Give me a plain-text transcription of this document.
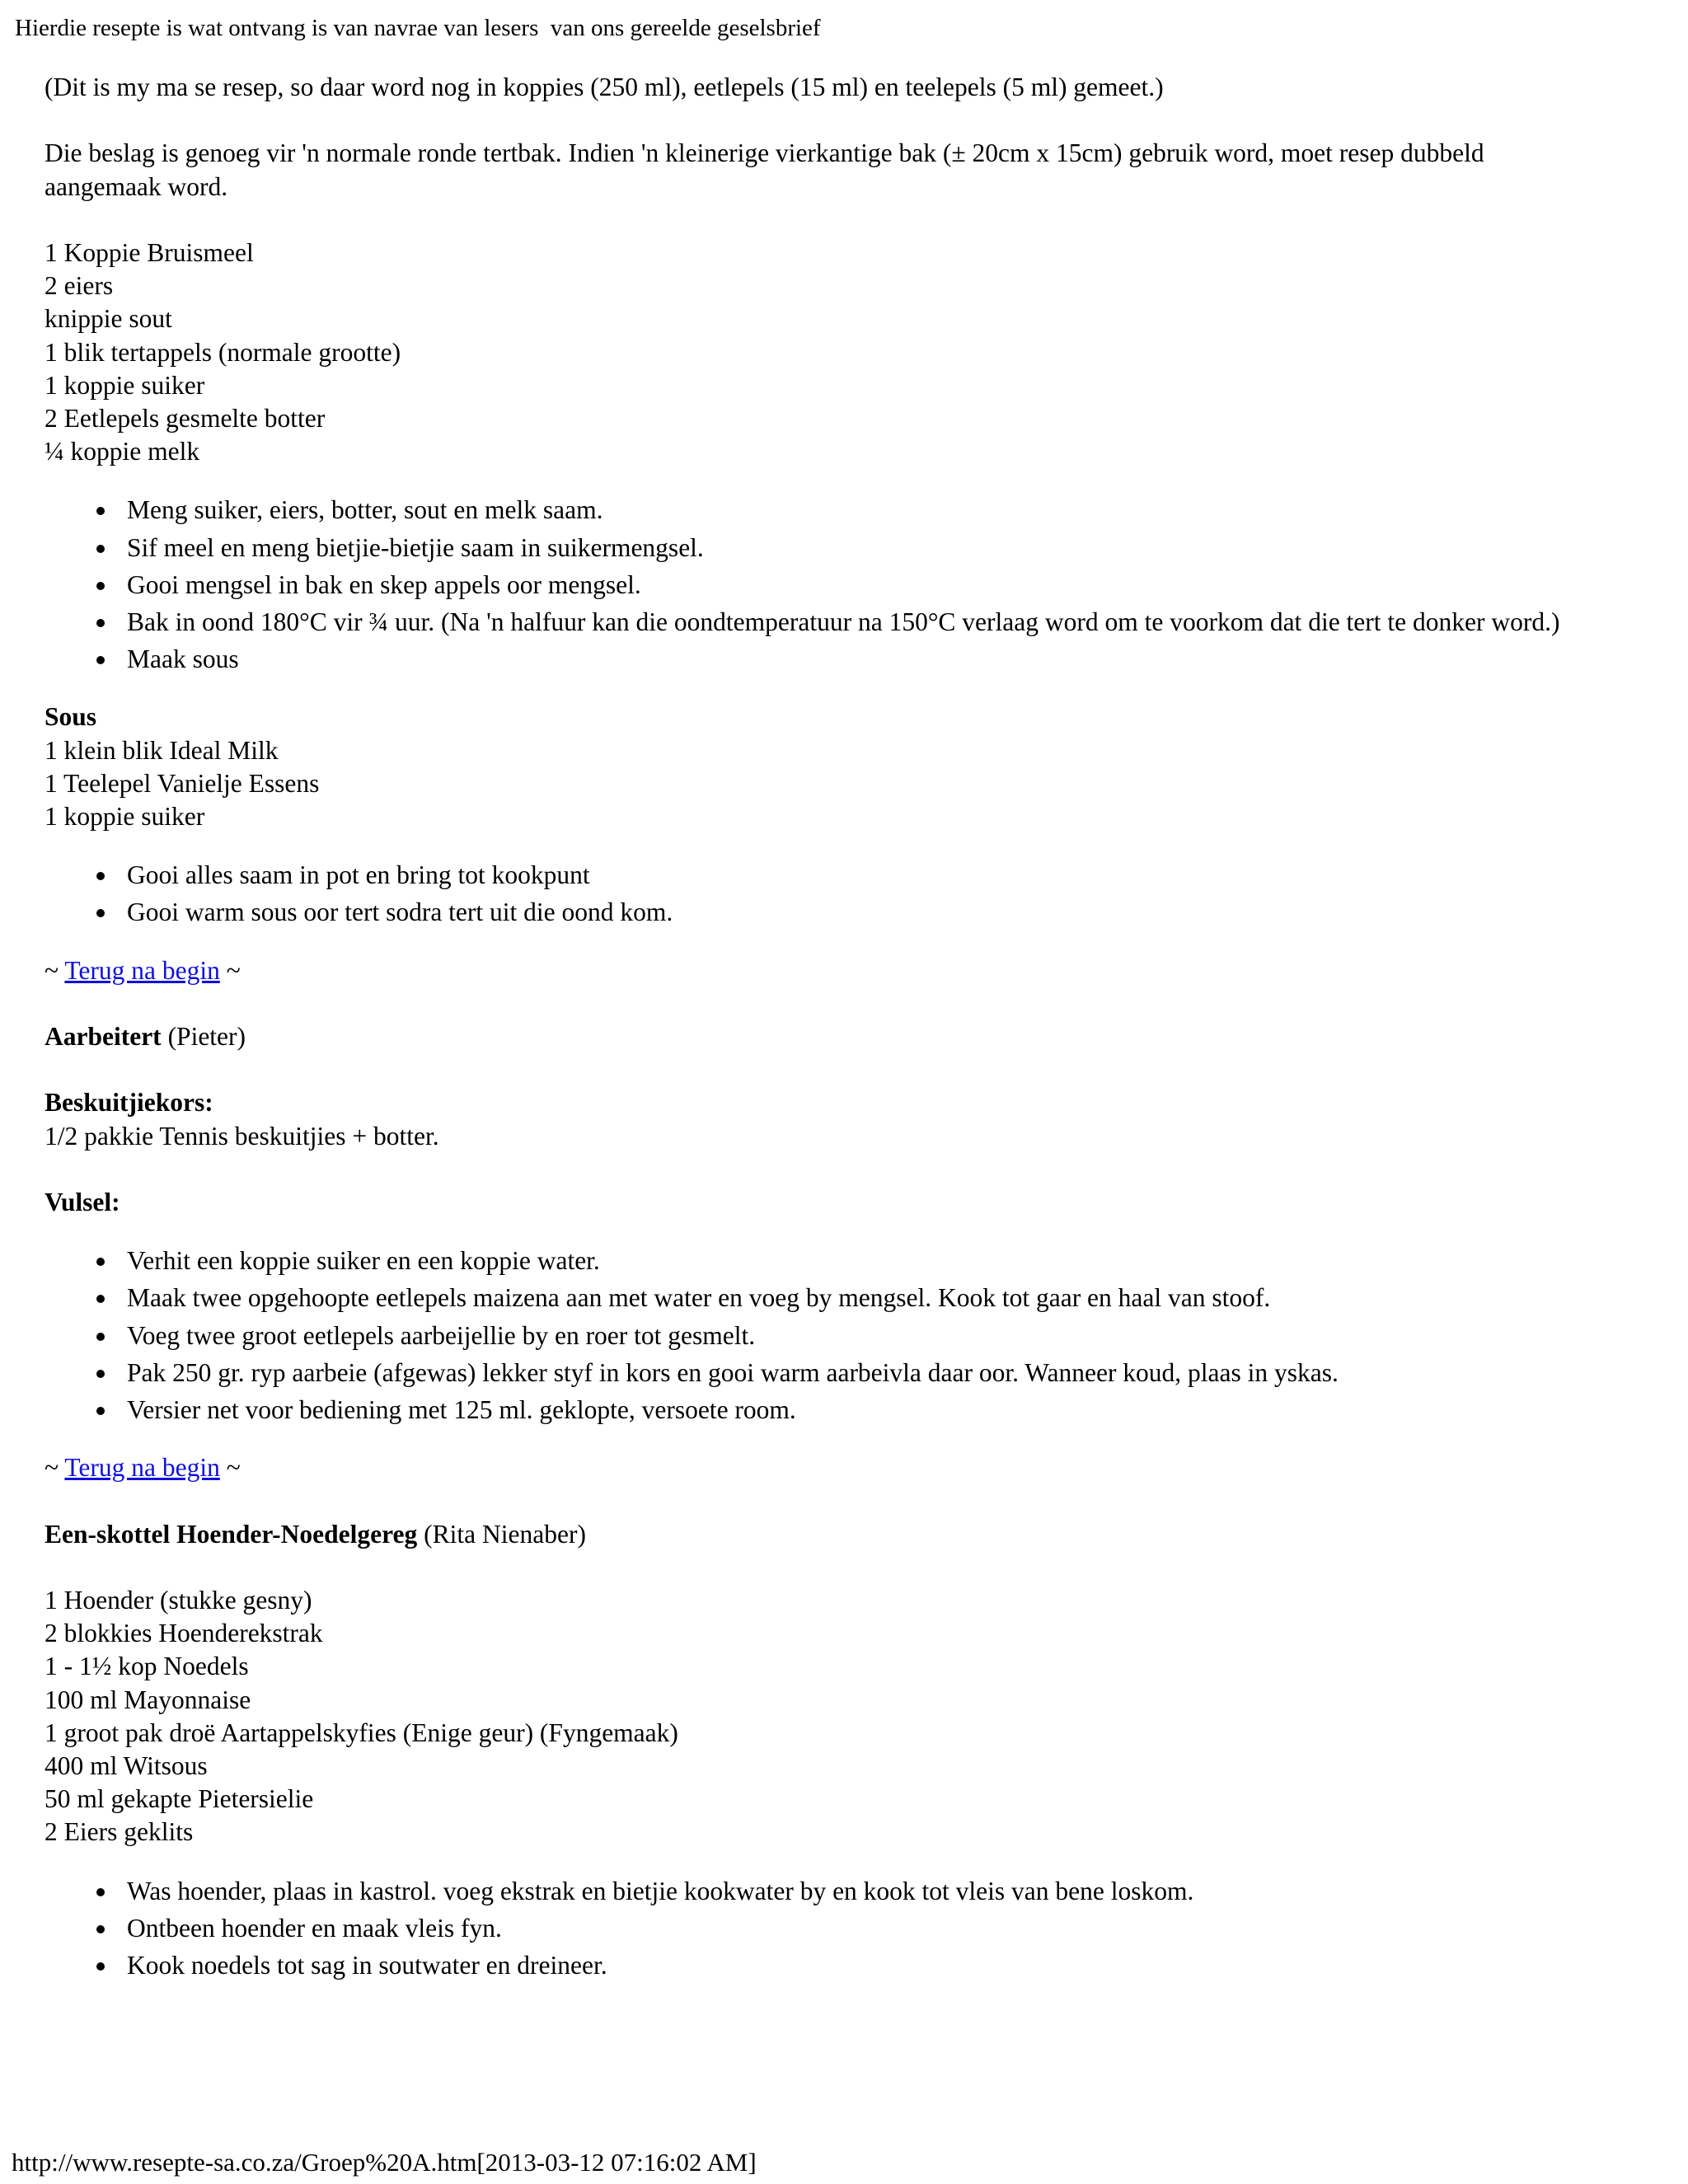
Hierdie resepte is wat ontvang is van navrae van lesers  van ons gereelde geselsbrief
(Dit is my ma se resep, so daar word nog in koppies (250 ml), eetlepels (15 ml) en teelepels (5 ml) gemeet.)
Die beslag is genoeg vir 'n normale ronde tertbak. Indien 'n kleinerige vierkantige bak (± 20cm x 15cm) gebruik word, moet resep dubbeld
aangemaak word.
1 Koppie Bruismeel
2 eiers
knippie sout
1 blik tertappels (normale grootte)
1 koppie suiker
2 Eetlepels gesmelte botter
¼ koppie melk
Meng suiker, eiers, botter, sout en melk saam.
Sif meel en meng bietjie-bietjie saam in suikermengsel.
Gooi mengsel in bak en skep appels oor mengsel.
Bak in oond 180°C vir ¾ uur. (Na 'n halfuur kan die oondtemperatuur na 150°C verlaag word om te voorkom dat die tert te donker word.)
Maak sous
Sous
1 klein blik Ideal Milk
1 Teelepel Vanielje Essens
1 koppie suiker
Gooi alles saam in pot en bring tot kookpunt
Gooi warm sous oor tert sodra tert uit die oond kom.
~ Terug na begin ~
Aarbeitert (Pieter)
Beskuitjiekors:
1/2 pakkie Tennis beskuitjies + botter.
Vulsel:
Verhit een koppie suiker en een koppie water.
Maak twee opgehoopte eetlepels maizena aan met water en voeg by mengsel. Kook tot gaar en haal van stoof.
Voeg twee groot eetlepels aarbeijellie by en roer tot gesmelt.
Pak 250 gr. ryp aarbeie (afgewas) lekker styf in kors en gooi warm aarbeivla daar oor. Wanneer koud, plaas in yskas.
Versier net voor bediening met 125 ml. geklopte, versoete room.
~ Terug na begin ~
Een-skottel Hoender-Noedelgereg (Rita Nienaber)
1 Hoender (stukke gesny)
2 blokkies Hoenderekstrak
1 - 1½ kop Noedels
100 ml Mayonnaise
1 groot pak droë Aartappelskyfies (Enige geur) (Fyngemaak)
400 ml Witsous
50 ml gekapte Pietersielie
2 Eiers geklits
Was hoender, plaas in kastrol. voeg ekstrak en bietjie kookwater by en kook tot vleis van bene loskom.
Ontbeen hoender en maak vleis fyn.
Kook noedels tot sag in soutwater en dreineer.
http://www.resepte-sa.co.za/Groep%20A.htm[2013-03-12 07:16:02 AM]
